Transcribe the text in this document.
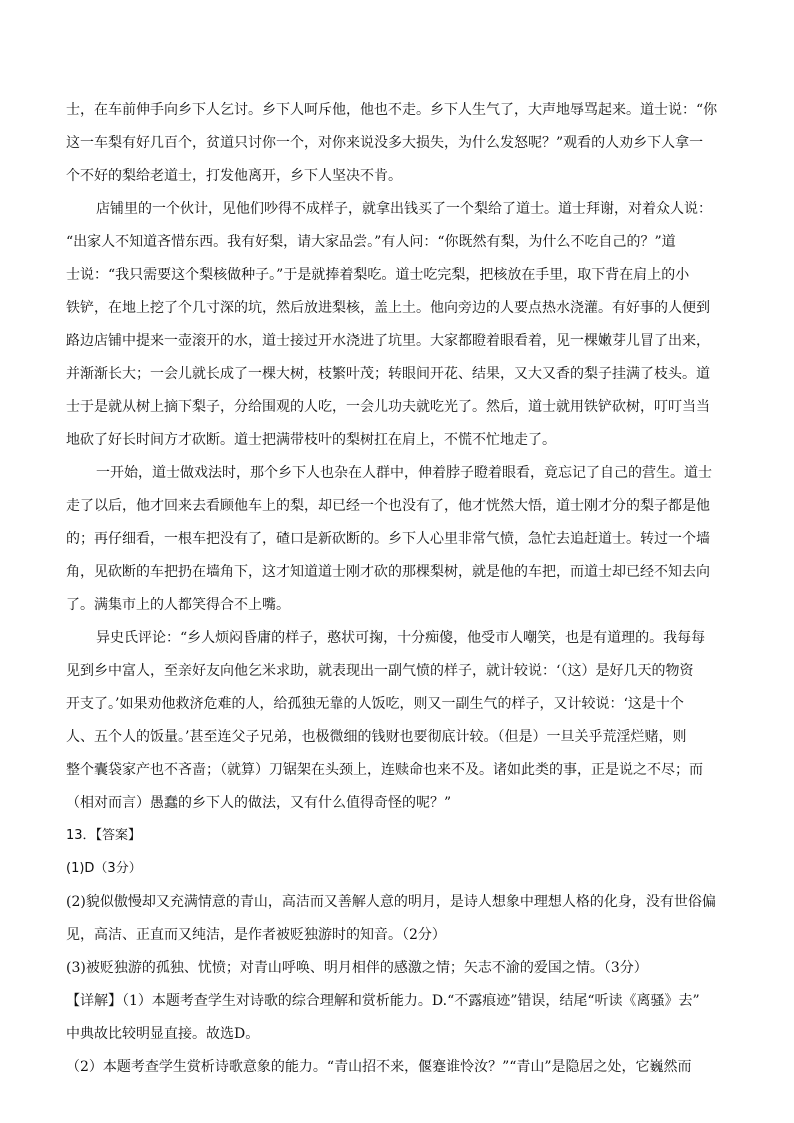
士，在车前伸手向乡下人乞讨。乡下人呵斥他，他也不走。乡下人生气了，大声地辱骂起来。道士说：“你
这一车梨有好几百个，贫道只讨你一个，对你来说没多大损失，为什么发怒呢？”观看的人劝乡下人拿一
个不好的梨给老道士，打发他离开，乡下人坚决不肯。
店铺里的一个伙计，见他们吵得不成样子，就拿出钱买了一个梨给了道士。道士拜谢，对着众人说：
“出家人不知道吝惜东西。我有好梨，请大家品尝。”有人问：“你既然有梨，为什么不吃自己的？”道
士说：“我只需要这个梨核做种子。”于是就捧着梨吃。道士吃完梨，把核放在手里，取下背在肩上的小
铁铲，在地上挖了个几寸深的坑，然后放进梨核，盖上土。他向旁边的人要点热水浇灌。有好事的人便到
路边店铺中提来一壶滚开的水，道士接过开水浇进了坑里。大家都瞪着眼看着，见一棵嫩芽儿冒了出来，
并渐渐长大；一会儿就长成了一棵大树，枝繁叶茂；转眼间开花、结果，又大又香的梨子挂满了枝头。道
士于是就从树上摘下梨子，分给围观的人吃，一会儿功夫就吃光了。然后，道士就用铁铲砍树，叮叮当当
地砍了好长时间方才砍断。道士把满带枝叶的梨树扛在肩上，不慌不忙地走了。
一开始，道士做戏法时，那个乡下人也杂在人群中，伸着脖子瞪着眼看，竟忘记了自己的营生。道士
走了以后，他才回来去看顾他车上的梨，却已经一个也没有了，他才恍然大悟，道士刚才分的梨子都是他
的；再仔细看，一根车把没有了，碴口是新砍断的。乡下人心里非常气愤，急忙去追赶道士。转过一个墙
角，见砍断的车把扔在墙角下，这才知道道士刚才砍的那棵梨树，就是他的车把，而道士却已经不知去向
了。满集市上的人都笑得合不上嘴。
异史氏评论：“乡人烦闷昏庸的样子，憨状可掬，十分痴傻，他受市人嘲笑，也是有道理的。我每每
见到乡中富人，至亲好友向他乞米求助，就表现出一副气愤的样子，就计较说：‘（这）是好几天的物资
开支了。’如果劝他救济危难的人，给孤独无靠的人饭吃，则又一副生气的样子，又计较说：‘这是十个
人、五个人的饭量。’甚至连父子兄弟，也极微细的钱财也要彻底计较。（但是）一旦关乎荒淫烂赌，则
整个囊袋家产也不吝啬；（就算）刀锯架在头颈上，连赎命也来不及。诸如此类的事，正是说之不尽；而
（相对而言）愚蠢的乡下人的做法，又有什么值得奇怪的呢？”
13．【答案】
(1)D（3分）
(2)貌似傲慢却又充满情意的青山，高洁而又善解人意的明月，是诗人想象中理想人格的化身，没有世俗偏
见，高洁、正直而又纯洁，是作者被贬独游时的知音。（2分）
(3)被贬独游的孤独、忧愤；对青山呼唤、明月相伴的感激之情；矢志不渝的爱国之情。（3分）
【详解】（1）本题考查学生对诗歌的综合理解和赏析能力。D.“不露痕迹”错误，结尾“听读《离骚》去”
中典故比较明显直接。故选D。
（2）本题考查学生赏析诗歌意象的能力。“青山招不来，偃蹇谁怜汝？”“青山”是隐居之处，它巍然而
